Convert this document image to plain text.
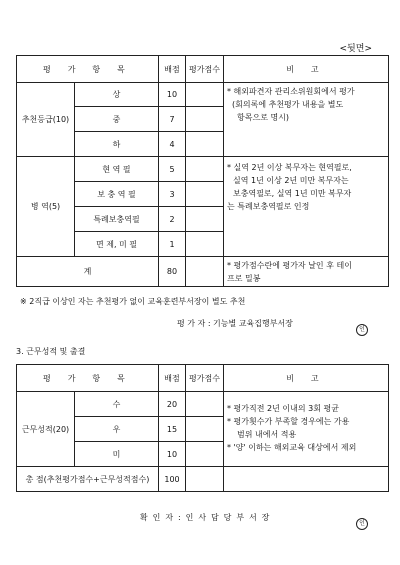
<뒷면>
평 가 항 목		배점	평가점수	비 고
추천등급(10)	상	10		* 해외파견자 관리소위원회에서 평가
(회의록에 추천평가 내용을 별도
항목으로 명시)

	중	7		
	하	4		
병 역(5)	현 역 필	5		* 실역 2년 이상 복무자는 현역필로,
실역 1년 이상 2년 미만 복무자는
보충역필로, 실역 1년 미만 복무자
는 특례보충역필로 인정

	보 충 역 필	3		
	특례보충역필	2		
	면 제, 미 필	1		
계		80		* 평가점수란에 평가자 날인 후 테이
프로 밀봉
※ 2직급 이상인 자는 추천평가 없이 교육훈련부서장이 별도 추천
평 가 자 : 기능별 교육집행부서장
인
3. 근무성적 및 출결
평 가 항 목		배점	평가점수	비 고
근무성적(20)	수	20		* 평가직전 2년 이내의 3회 평균
* 평가횟수가 부족할 경우에는 가용
범위 내에서 적용
* '양' 이하는 해외교육 대상에서 제외

	우	15		
	미	10		
총 점(추천평가점수+근무성적점수)		100		
확 인 자 : 인 사 담 당 부 서 장
인
